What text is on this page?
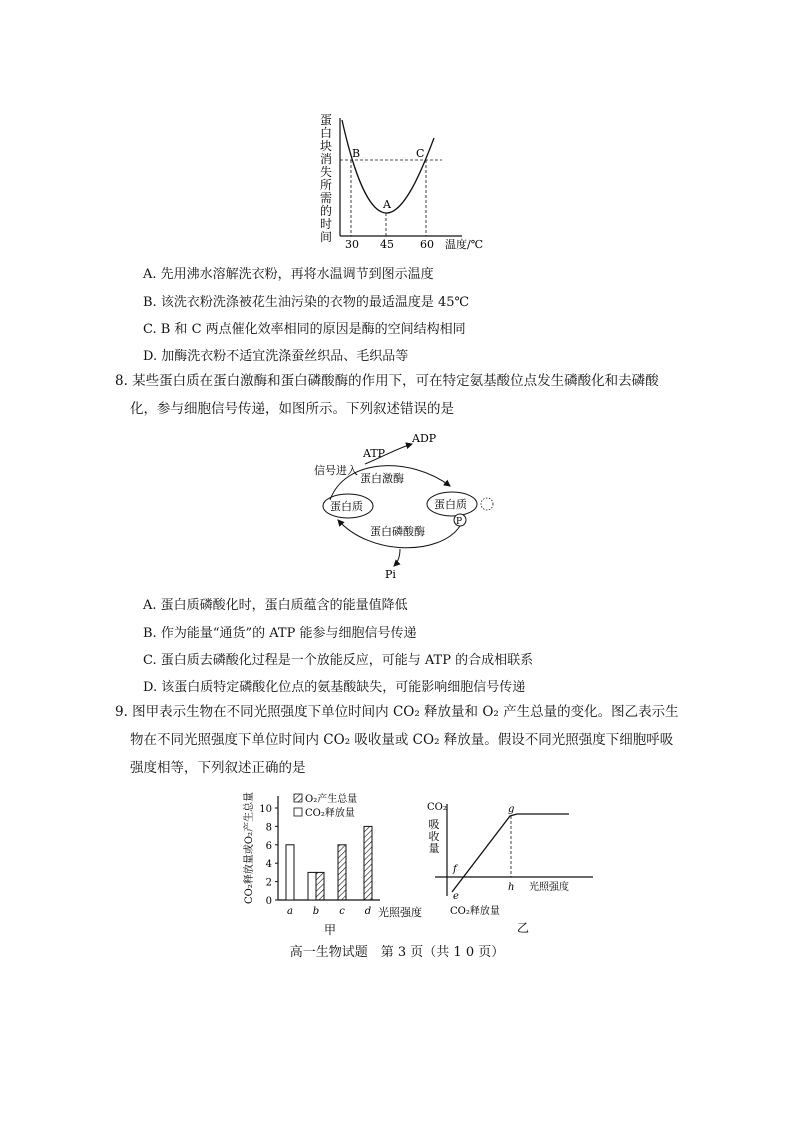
蛋
白
块
消
失
所
需
的
时
间
B
A
C
30 45 60 温度/℃
A. 先用沸水溶解洗衣粉，再将水温调节到图示温度
B. 该洗衣粉洗涤被花生油污染的衣物的最适温度是 45℃
C. B 和 C 两点催化效率相同的原因是酶的空间结构相同
D. 加酶洗衣粉不适宜洗涤蚕丝织品、毛织品等
8. 某些蛋白质在蛋白激酶和蛋白磷酸酶的作用下，可在特定氨基酸位点发生磷酸化和去磷酸化，参与细胞信号传递，如图所示。下列叙述错误的是
ADP
ATP
信号进入
蛋白激酶
蛋白质	蛋白质
P
蛋白磷酸酶
Pi
A. 蛋白质磷酸化时，蛋白质蕴含的能量值降低
B. 作为能量“通货”的 ATP 能参与细胞信号传递
C. 蛋白质去磷酸化过程是一个放能反应，可能与 ATP 的合成相联系
D. 该蛋白质特定磷酸化位点的氨基酸缺失，可能影响细胞信号传递
9. 图甲表示生物在不同光照强度下单位时间内 CO₂ 释放量和 O₂ 产生总量的变化。图乙表示生物在不同光照强度下单位时间内 CO₂ 吸收量或 CO₂ 释放量。假设不同光照强度下细胞呼吸强度相等，下列叙述正确的是
CO₂释放量或O₂产生总量 0
2
4
6
8
10
a b c d
O₂产生总量
CO₂释放量
光照强度
甲
CO₂
吸
收
量
e
f
g
h 光照强度
CO₂释放量
乙
高一生物试题　第 3 页（共 1 0 页）
